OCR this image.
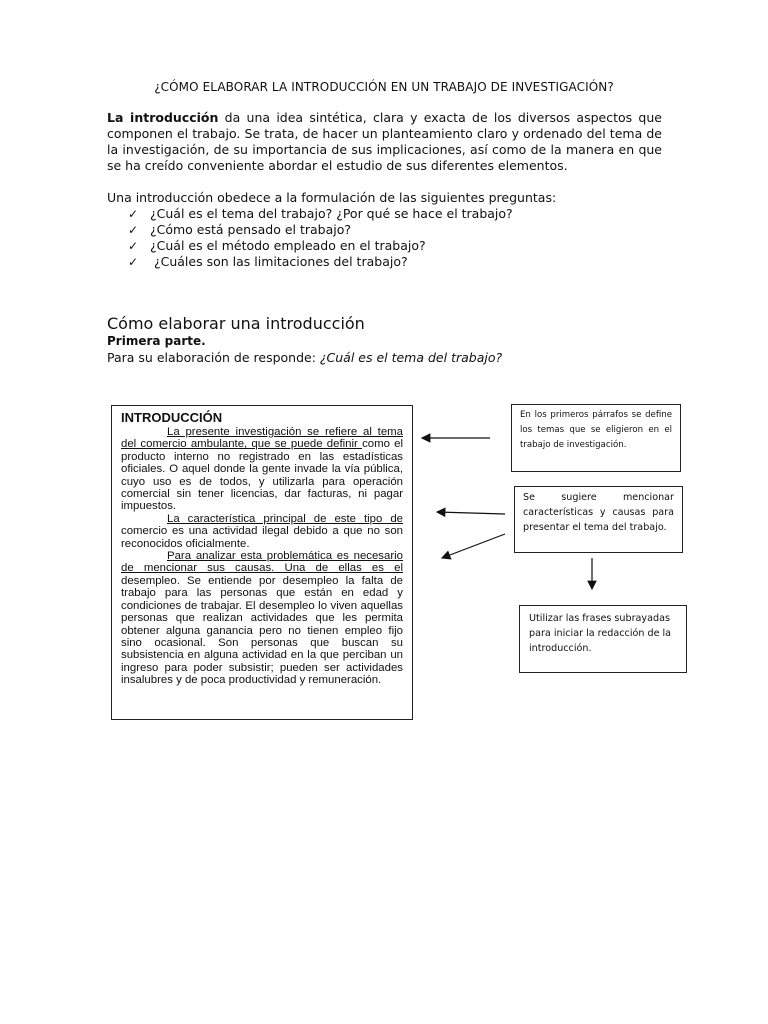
¿CÓMO ELABORAR LA INTRODUCCIÓN EN UN TRABAJO DE INVESTIGACIÓN?
La introducción da una idea sintética, clara y exacta de los diversos aspectos que componen el trabajo. Se trata, de hacer un planteamiento claro y ordenado del tema de la investigación, de su importancia de sus implicaciones, así como de la manera en que se ha creído conveniente abordar el estudio de sus diferentes elementos.
Una introducción obedece a la formulación de las siguientes preguntas:
✓ ¿Cuál es el tema del trabajo? ¿Por qué se hace el trabajo?
✓ ¿Cómo está pensado el trabajo?
✓ ¿Cuál es el método empleado en el trabajo?
✓ ¿Cuáles son las limitaciones del trabajo?
Cómo elaborar una introducción
Primera parte.
Para su elaboración de responde: ¿Cuál es el tema del trabajo?
INTRODUCCIÓN
La presente investigación se refiere al tema del comercio ambulante, que se puede definir como el producto interno no registrado en las estadísticas oficiales. O aquel donde la gente invade la vía pública, cuyo uso es de todos, y utilizarla para operación comercial sin tener licencias, dar facturas, ni pagar impuestos.
La característica principal de este tipo de comercio es una actividad ilegal debido a que no son reconocidos oficialmente.
Para analizar esta problemática es necesario de mencionar sus causas. Una de ellas es el desempleo. Se entiende por desempleo la falta de trabajo para las personas que están en edad y condiciones de trabajar. El desempleo lo viven aquellas personas que realizan actividades que les permita obtener alguna ganancia pero no tienen empleo fijo sino ocasional. Son personas que buscan su subsistencia en alguna actividad en la que perciban un ingreso para poder subsistir; pueden ser actividades insalubres y de poca productividad y remuneración.
En los primeros párrafos se define los temas que se eligieron en el trabajo de investigación.
Se sugiere mencionar características y causas para presentar el tema del trabajo.
Utilizar las frases subrayadas para iniciar la redacción de la introducción.
